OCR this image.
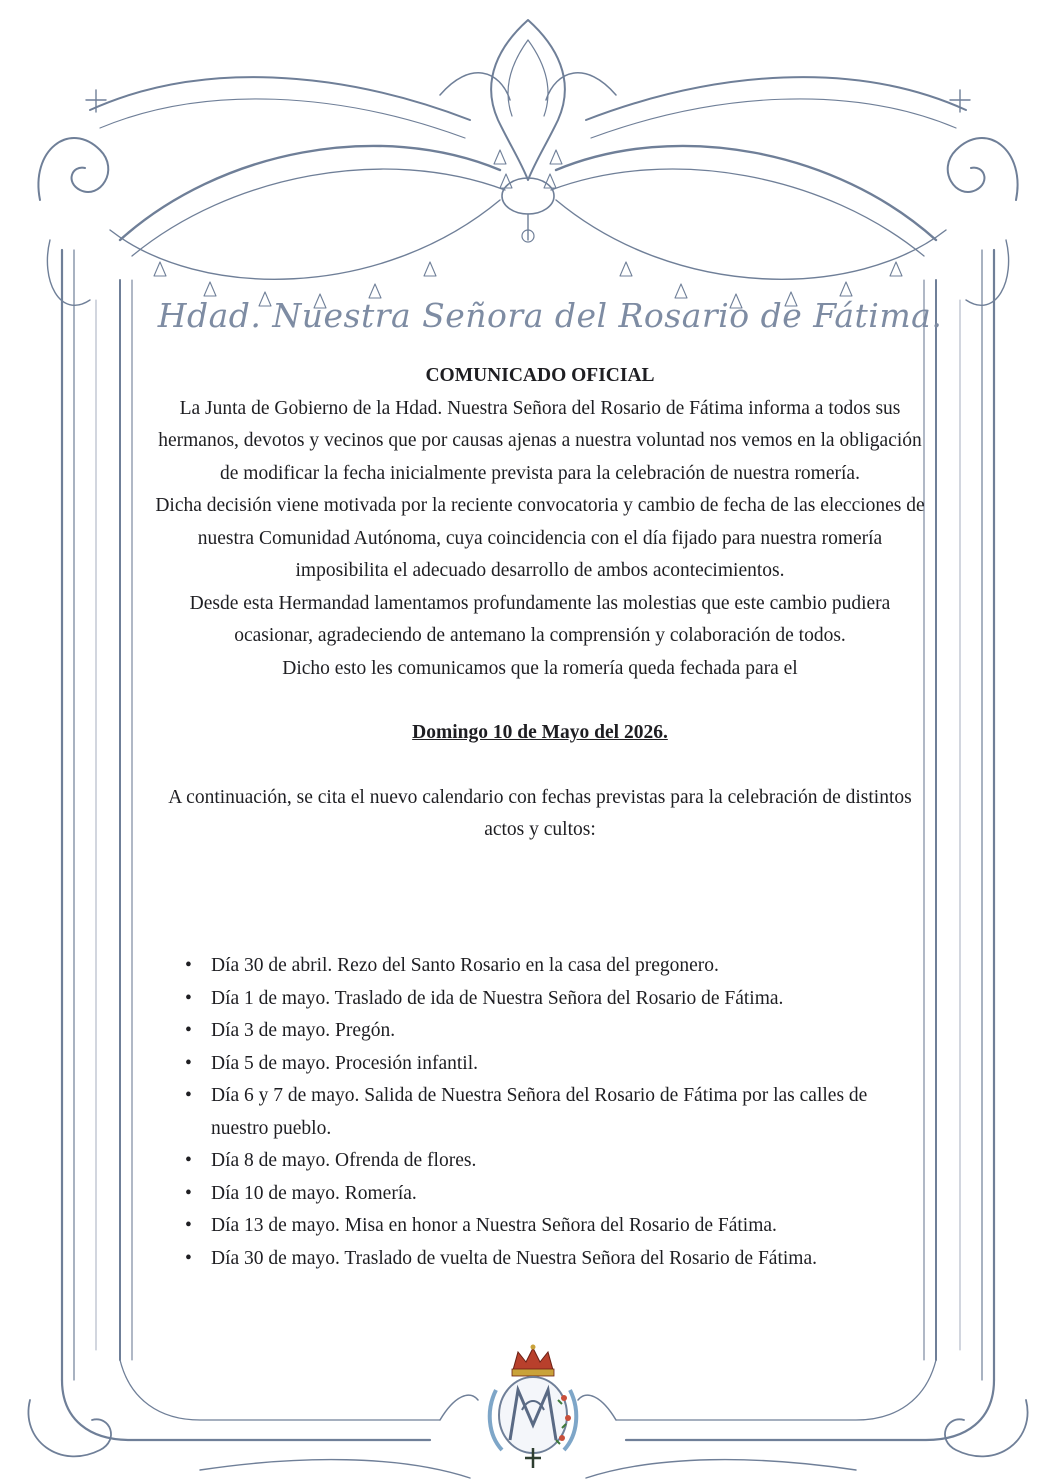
Hdad. Nuestra Señora del Rosario de Fátima.
COMUNICADO OFICIAL

La Junta de Gobierno de la Hdad. Nuestra Señora del Rosario de Fátima informa a todos sus hermanos, devotos y vecinos que por causas ajenas a nuestra voluntad nos vemos en la obligación de modificar la fecha inicialmente prevista para la celebración de nuestra romería.

Dicha decisión viene motivada por la reciente convocatoria y cambio de fecha de las elecciones de nuestra Comunidad Autónoma, cuya coincidencia con el día fijado para nuestra romería imposibilita el adecuado desarrollo de ambos acontecimientos.

Desde esta Hermandad lamentamos profundamente las molestias que este cambio pudiera ocasionar, agradeciendo de antemano la comprensión y colaboración de todos.

Dicho esto les comunicamos que la romería queda fechada para el

Domingo 10 de Mayo del 2026.

A continuación, se cita el nuevo calendario con fechas previstas para la celebración de distintos actos y cultos:

• Día 30 de abril. Rezo del Santo Rosario en la casa del pregonero.
• Día 1 de mayo. Traslado de ida de Nuestra Señora del Rosario de Fátima.
• Día 3 de mayo. Pregón.
• Día 5 de mayo. Procesión infantil.
• Día 6 y 7 de mayo. Salida de Nuestra Señora del Rosario de Fátima por las calles de nuestro pueblo.
• Día 8 de mayo. Ofrenda de flores.
• Día 10 de mayo. Romería.
• Día 13 de mayo. Misa en honor a Nuestra Señora del Rosario de Fátima.
• Día 30 de mayo. Traslado de vuelta de Nuestra Señora del Rosario de Fátima.
